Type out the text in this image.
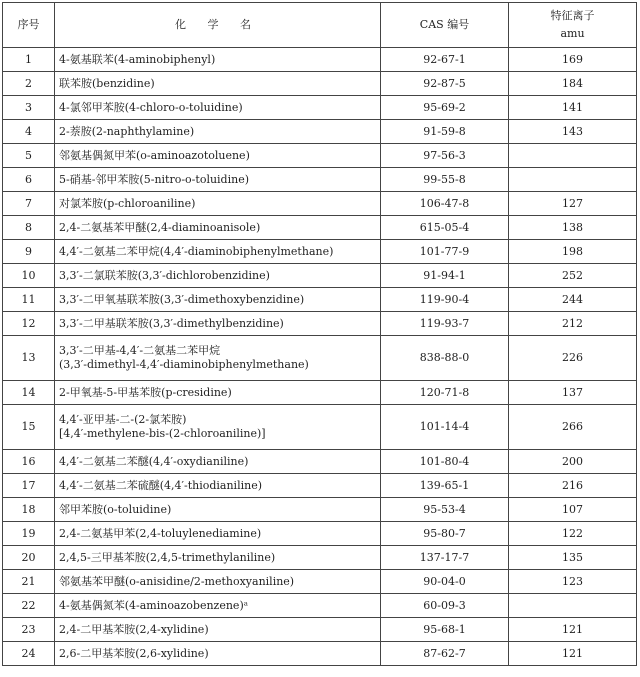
序号	化 学 名	CAS 编号	特征离子
amu

1	4-氨基联苯(4-aminobiphenyl)	92-67-1	169
2	联苯胺(benzidine)	92-87-5	184
3	4-氯邻甲苯胺(4-chloro-o-toluidine)	95-69-2	141
4	2-萘胺(2-naphthylamine)	91-59-8	143
5	邻氨基偶氮甲苯(o-aminoazotoluene)	97-56-3	
6	5-硝基-邻甲苯胺(5-nitro-o-toluidine)	99-55-8	
7	对氯苯胺(p-chloroaniline)	106-47-8	127
8	2,4-二氨基苯甲醚(2,4-diaminoanisole)	615-05-4	138
9	4,4′-二氨基二苯甲烷(4,4′-diaminobiphenylmethane)	101-77-9	198
10	3,3′-二氯联苯胺(3,3′-dichlorobenzidine)	91-94-1	252
11	3,3′-二甲氧基联苯胺(3,3′-dimethoxybenzidine)	119-90-4	244
12	3,3′-二甲基联苯胺(3,3′-dimethylbenzidine)	119-93-7	212
13	3,3′-二甲基-4,4′-二氨基二苯甲烷
(3,3′-dimethyl-4,4′-diaminobiphenylmethane)	838-88-0	226
14	2-甲氧基-5-甲基苯胺(p-cresidine)	120-71-8	137
15	4,4′-亚甲基-二-(2-氯苯胺)
[4,4′-methylene-bis-(2-chloroaniline)]	101-14-4	266
16	4,4′-二氨基二苯醚(4,4′-oxydianiline)	101-80-4	200
17	4,4′-二氨基二苯硫醚(4,4′-thiodianiline)	139-65-1	216
18	邻甲苯胺(o-toluidine)	95-53-4	107
19	2,4-二氨基甲苯(2,4-toluylenediamine)	95-80-7	122
20	2,4,5-三甲基苯胺(2,4,5-trimethylaniline)	137-17-7	135
21	邻氨基苯甲醚(o-anisidine/2-methoxyaniline)	90-04-0	123
22	4-氨基偶氮苯(4-aminoazobenzene)ᵃ	60-09-3	
23	2,4-二甲基苯胺(2,4-xylidine)	95-68-1	121
24	2,6-二甲基苯胺(2,6-xylidine)	87-62-7	121
